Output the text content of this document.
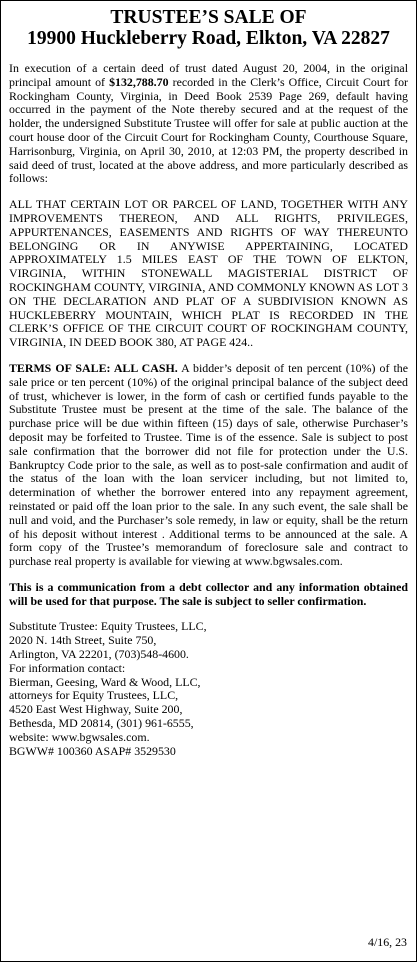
TRUSTEE’S SALE OF
19900 Huckleberry Road, Elkton, VA 22827

In execution of a certain deed of trust dated August 20, 2004, in the original principal amount of $132,788.70 recorded in the Clerk’s Office, Circuit Court for Rockingham County, Virginia, in Deed Book 2539 Page 269, default having occurred in the payment of the Note thereby secured and at the request of the holder, the undersigned Substitute Trustee will offer for sale at public auction at the court house door of the Circuit Court for Rockingham County, Courthouse Square, Harrisonburg, Virginia, on April 30, 2010, at 12:03 PM, the property described in said deed of trust, located at the above address, and more particularly described as follows:

ALL THAT CERTAIN LOT OR PARCEL OF LAND, TOGETHER WITH ANY IMPROVEMENTS THEREON, AND ALL RIGHTS, PRIVILEGES, APPURTENANCES, EASEMENTS AND RIGHTS OF WAY THEREUNTO BELONGING OR IN ANYWISE APPERTAINING, LOCATED APPROXIMATELY 1.5 MILES EAST OF THE TOWN OF ELKTON, VIRGINIA, WITHIN STONEWALL MAGISTERIAL DISTRICT OF ROCKINGHAM COUNTY, VIRGINIA, AND COMMONLY KNOWN AS LOT 3 ON THE DECLARATION AND PLAT OF A SUBDIVISION KNOWN AS HUCKLEBERRY MOUNTAIN, WHICH PLAT IS RECORDED IN THE CLERK’S OFFICE OF THE CIRCUIT COURT OF ROCKINGHAM COUNTY, VIRGINIA, IN DEED BOOK 380, AT PAGE 424..

TERMS OF SALE: ALL CASH. A bidder’s deposit of ten percent (10%) of the sale price or ten percent (10%) of the original principal balance of the subject deed of trust, whichever is lower, in the form of cash or certified funds payable to the Substitute Trustee must be present at the time of the sale. The balance of the purchase price will be due within fifteen (15) days of sale, otherwise Purchaser’s deposit may be forfeited to Trustee. Time is of the essence. Sale is subject to post sale confirmation that the borrower did not file for protection under the U.S. Bankruptcy Code prior to the sale, as well as to post-sale confirmation and audit of the status of the loan with the loan servicer including, but not limited to, determination of whether the borrower entered into any repayment agreement, reinstated or paid off the loan prior to the sale. In any such event, the sale shall be null and void, and the Purchaser’s sole remedy, in law or equity, shall be the return of his deposit without interest . Additional terms to be announced at the sale. A form copy of the Trustee’s memorandum of foreclosure sale and contract to purchase real property is available for viewing at www.bgwsales.com.

This is a communication from a debt collector and any information obtained will be used for that purpose. The sale is subject to seller confirmation.

Substitute Trustee: Equity Trustees, LLC,
2020 N. 14th Street, Suite 750,
Arlington, VA 22201, (703)548-4600.
For information contact:
Bierman, Geesing, Ward & Wood, LLC,
attorneys for Equity Trustees, LLC,
4520 East West Highway, Suite 200,
Bethesda, MD 20814, (301) 961-6555,
website: www.bgwsales.com.
BGWW# 100360 ASAP# 3529530
4/16, 23
